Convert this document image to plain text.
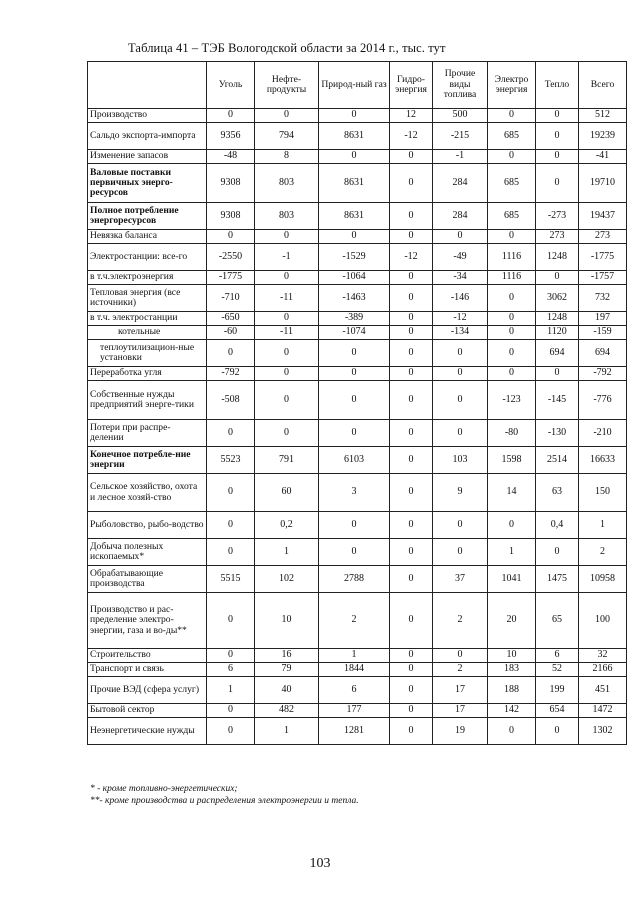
Таблица 41 – ТЭБ Вологодской области за 2014 г., тыс. тут
	Уголь	Нефте-продукты	Природ-ный газ	Гидро-энергия	Прочие виды топлива	Электро энергия	Тепло	Всего
Производство	0	0	0	12	500	0	0	512
Сальдо экспорта-импорта	9356	794	8631	-12	-215	685	0	19239
Изменение запасов	-48	8	0	0	-1	0	0	-41
Валовые поставки первичных энерго-ресурсов	9308	803	8631	0	284	685	0	19710
Полное потребление энергоресурсов	9308	803	8631	0	284	685	-273	19437
Невязка баланса	0	0	0	0	0	0	273	273
Электростанции: все-го	-2550	-1	-1529	-12	-49	1116	1248	-1775
в т.ч.электроэнергия	-1775	0	-1064	0	-34	1116	0	-1757
Тепловая энергия (все источники)	-710	-11	-1463	0	-146	0	3062	732
в т.ч. электростанции	-650	0	-389	0	-12	0	1248	197
котельные	-60	-11	-1074	0	-134	0	1120	-159
теплоутилизацион-ные установки	0	0	0	0	0	0	694	694
Переработка угля	-792	0	0	0	0	0	0	-792
Собственные нужды предприятий энерге-тики	-508	0	0	0	0	-123	-145	-776
Потери при распре-делении	0	0	0	0	0	-80	-130	-210
Конечное потребле-ние энергии	5523	791	6103	0	103	1598	2514	16633
Сельское хозяйство, охота и лесное хозяй-ство	0	60	3	0	9	14	63	150
Рыболовство, рыбо-водство	0	0,2	0	0	0	0	0,4	1
Добыча полезных ископаемых*	0	1	0	0	0	1	0	2
Обрабатывающие производства	5515	102	2788	0	37	1041	1475	10958
Производство и рас-пределение электро-энергии, газа и во-ды**	0	10	2	0	2	20	65	100
Строительство	0	16	1	0	0	10	6	32
Транспорт и связь	6	79	1844	0	2	183	52	2166
Прочие ВЭД (сфера услуг)	1	40	6	0	17	188	199	451
Бытовой сектор	0	482	177	0	17	142	654	1472
Неэнергетические нужды	0	1	1281	0	19	0	0	1302
* - кроме топливно-энергетических;
**- кроме производства и распределения электроэнергии и тепла.
103
